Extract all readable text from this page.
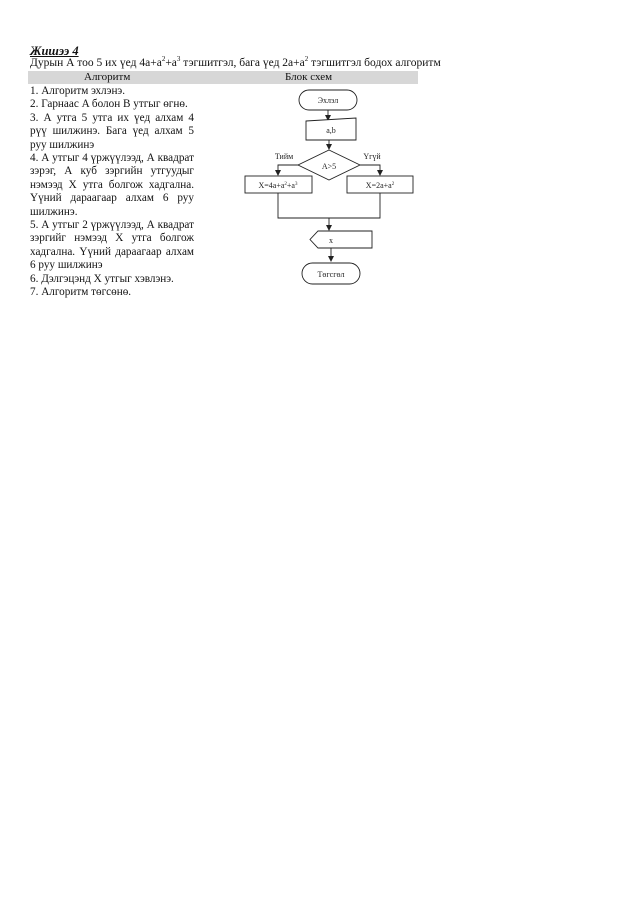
Жишээ 4
Дурын А тоо 5 их үед $4a+a^2+a^3$ тэгшитгэл, бага үед $2a+a^2$ тэгшитгэл бодох алгоритм
Алгоритм	Блок схем

1. Алгоритм эхлэнэ.

2. Гарнаас A болон B утгыг өгнө.

3. А утга 5 утга их үед алхам 4 рүү шилжинэ. Бага үед алхам 5 руу шилжинэ

4. А утгыг 4 үржүүлээд, А квадрат зэрэг, А куб зэргийн утгуудыг нэмээд X утга болгож хадгална. Үүний дараагаар алхам 6 руу шилжинэ.

5. А утгыг 2 үржүүлээд, А квадрат зэргийг нэмээд X утга болгож хадгална. Үүний дараагаар алхам 6 руу шилжинэ

6. Дэлгэцэнд X утгыг хэвлэнэ.

7. Алгоритм төгсөнө.

Эхлэл
a,b
A>5
Тийм	Үгүй
$X=4a+a^2+a^3$	$X=2a+a^2$
x
Төгсгөл
